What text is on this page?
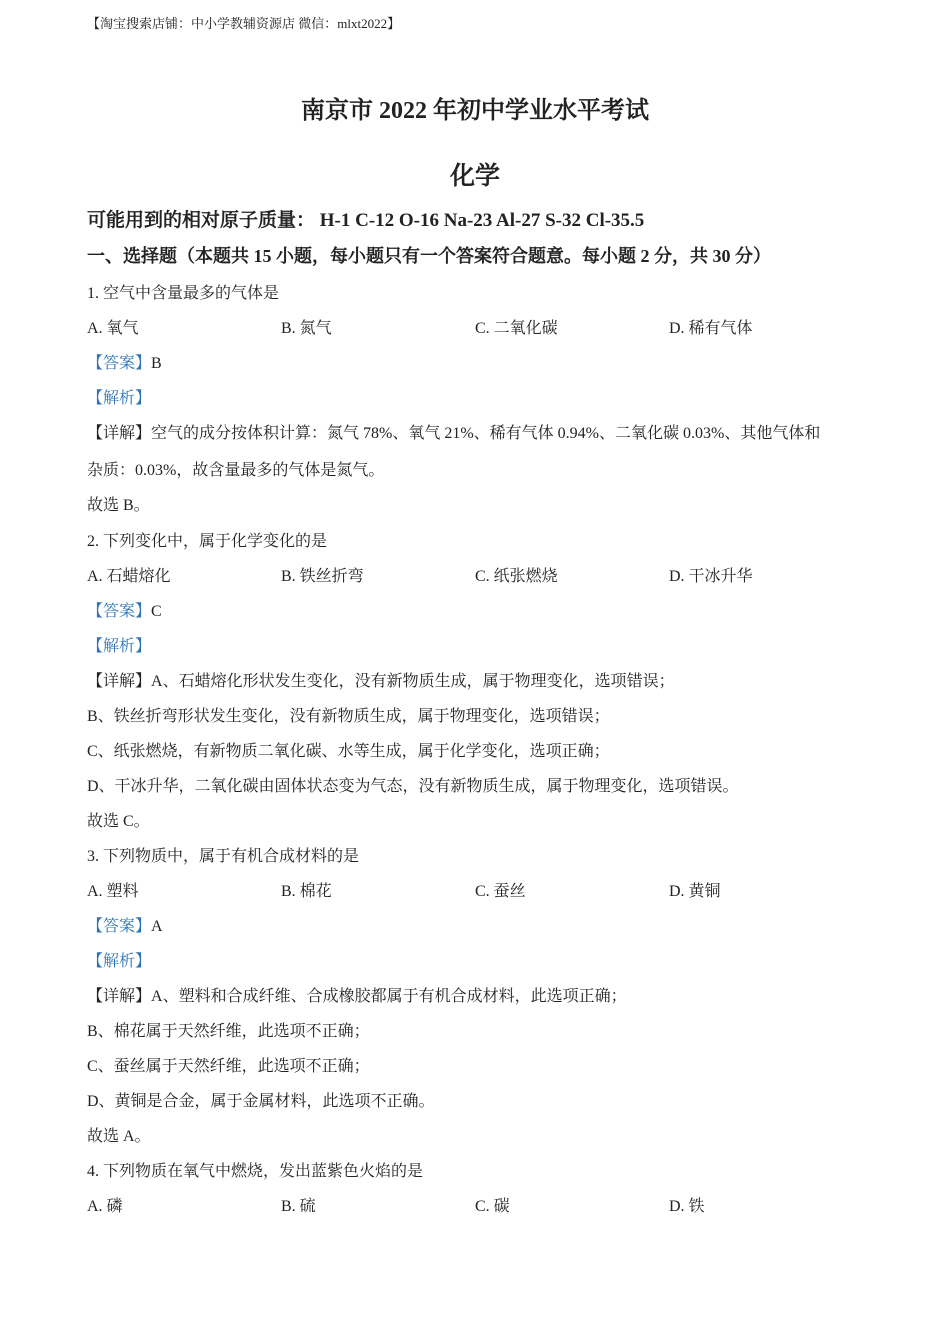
【淘宝搜索店铺：中小学教辅资源店 微信：mlxt2022】
南京市 2022 年初中学业水平考试
化学
可能用到的相对原子质量： H-1 C-12 O-16 Na-23 Al-27 S-32 Cl-35.5
一、选择题（本题共 15 小题，每小题只有一个答案符合题意。每小题 2 分，共 30 分）
1. 空气中含量最多的气体是
A. 氧气	B. 氮气	C. 二氧化碳	D. 稀有气体
【答案】B
【解析】
【详解】空气的成分按体积计算：氮气 78%、氧气 21%、稀有气体 0.94%、二氧化碳 0.03%、其他气体和
杂质：0.03%，故含量最多的气体是氮气。
故选 B。
2. 下列变化中，属于化学变化的是
A. 石蜡熔化	B. 铁丝折弯	C. 纸张燃烧	D. 干冰升华
【答案】C
【解析】
【详解】A、石蜡熔化形状发生变化，没有新物质生成，属于物理变化，选项错误；
B、铁丝折弯形状发生变化，没有新物质生成，属于物理变化，选项错误；
C、纸张燃烧，有新物质二氧化碳、水等生成，属于化学变化，选项正确；
D、干冰升华，二氧化碳由固体状态变为气态，没有新物质生成，属于物理变化，选项错误。
故选 C。
3. 下列物质中，属于有机合成材料的是
A. 塑料	B. 棉花	C. 蚕丝	D. 黄铜
【答案】A
【解析】
【详解】A、塑料和合成纤维、合成橡胶都属于有机合成材料，此选项正确；
B、棉花属于天然纤维，此选项不正确；
C、蚕丝属于天然纤维，此选项不正确；
D、黄铜是合金，属于金属材料，此选项不正确。
故选 A。
4. 下列物质在氧气中燃烧，发出蓝紫色火焰的是
A. 磷	B. 硫	C. 碳	D. 铁
